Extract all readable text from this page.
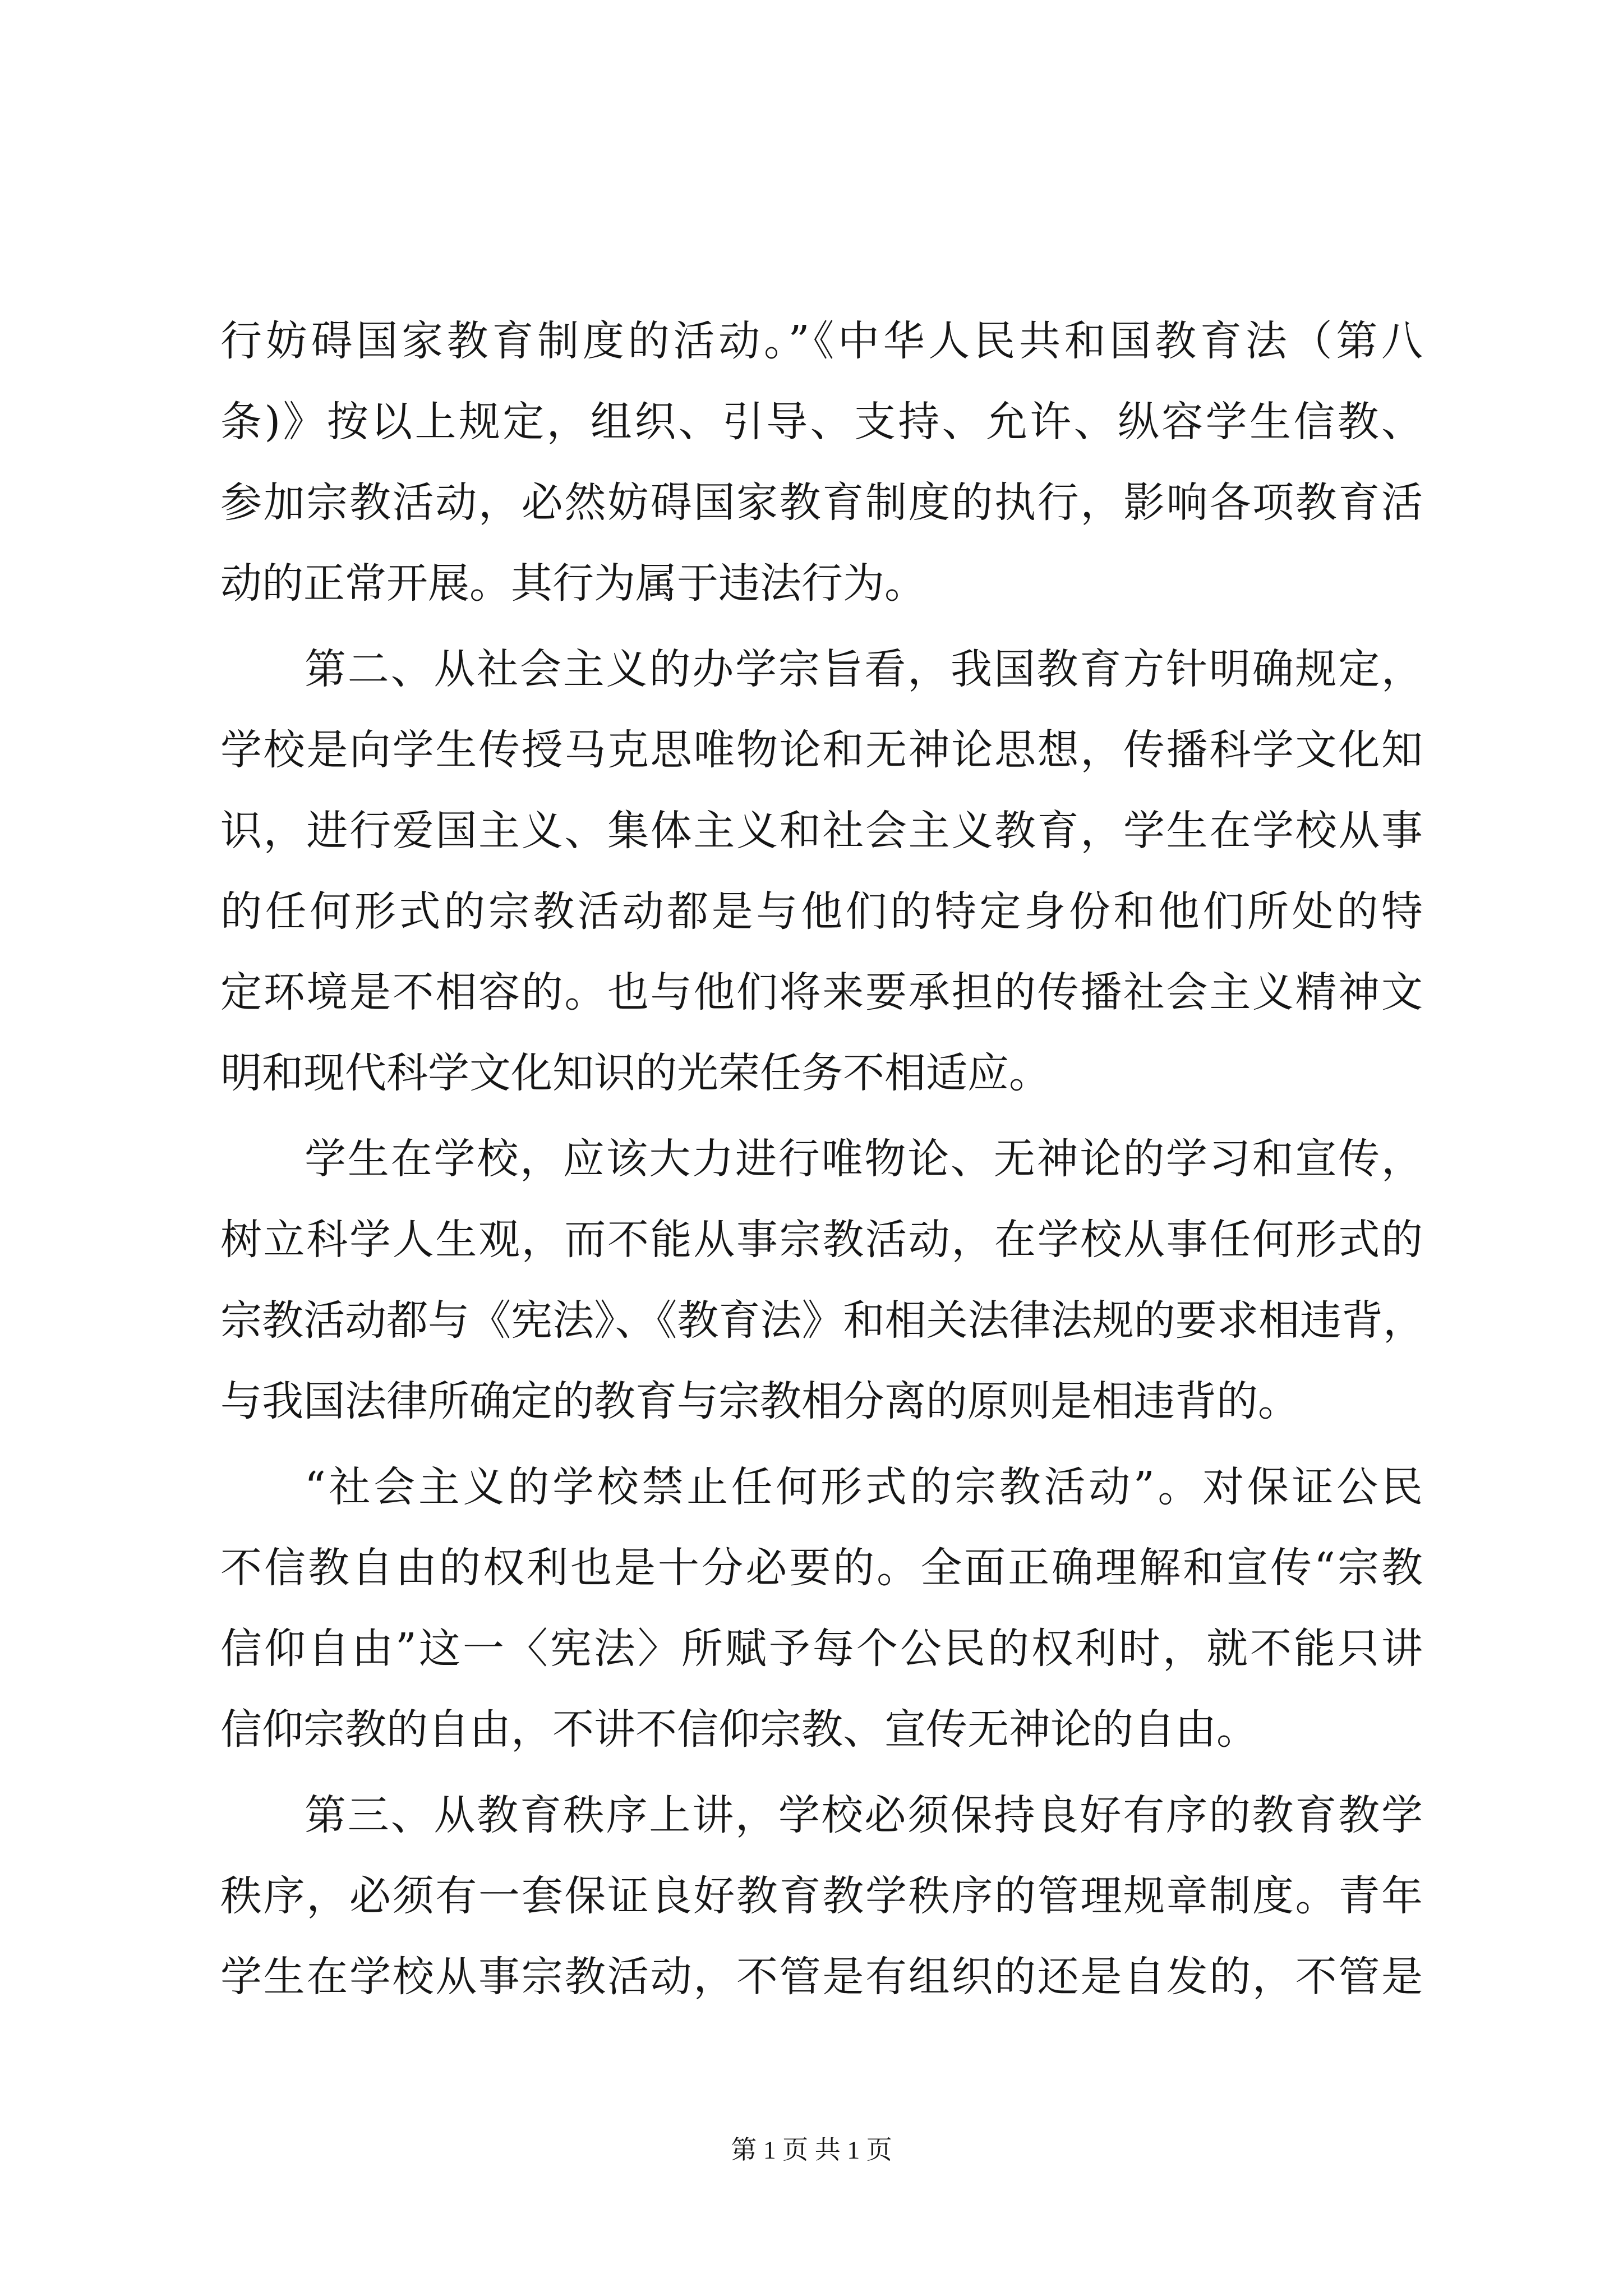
行妨碍国家教育制度的活动。”《中华人民共和国教育法（第八
条)》按以上规定，组织、引导、支持、允许、纵容学生信教、
参加宗教活动，必然妨碍国家教育制度的执行，影响各项教育活
动的正常开展。其行为属于违法行为。
第二、从社会主义的办学宗旨看，我国教育方针明确规定，
学校是向学生传授马克思唯物论和无神论思想，传播科学文化知
识，进行爱国主义、集体主义和社会主义教育，学生在学校从事
的任何形式的宗教活动都是与他们的特定身份和他们所处的特
定环境是不相容的。也与他们将来要承担的传播社会主义精神文
明和现代科学文化知识的光荣任务不相适应。
学生在学校，应该大力进行唯物论、无神论的学习和宣传，
树立科学人生观，而不能从事宗教活动，在学校从事任何形式的
宗教活动都与《宪法》、《教育法》和相关法律法规的要求相违背，
与我国法律所确定的教育与宗教相分离的原则是相违背的。
“社会主义的学校禁止任何形式的宗教活动”。对保证公民
不信教自由的权利也是十分必要的。全面正确理解和宣传“宗教
信仰自由”这一〈宪法〉所赋予每个公民的权利时，就不能只讲
信仰宗教的自由，不讲不信仰宗教、宣传无神论的自由。
第三、从教育秩序上讲，学校必须保持良好有序的教育教学
秩序，必须有一套保证良好教育教学秩序的管理规章制度。青年
学生在学校从事宗教活动，不管是有组织的还是自发的，不管是
第 1 页 共 1 页
